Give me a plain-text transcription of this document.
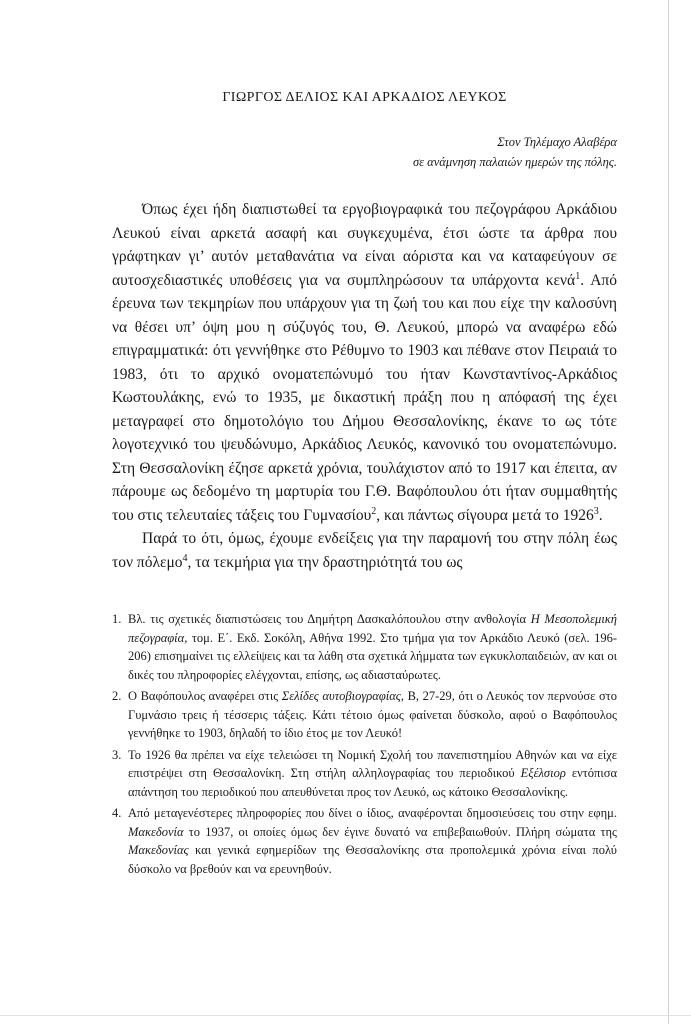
ΓΙΩΡΓΟΣ ΔΕΛΙΟΣ ΚΑΙ ΑΡΚΑΔΙΟΣ ΛΕΥΚΟΣ
Στον Τηλέμαχο Αλαβέρα
σε ανάμνηση παλαιών ημερών της πόλης.

Όπως έχει ήδη διαπιστωθεί τα εργοβιογραφικά του πεζογράφου Αρκάδιου Λευκού είναι αρκετά ασαφή και συγκεχυμένα, έτσι ώστε τα άρθρα που γράφτηκαν γι’ αυτόν μεταθανάτια να είναι αόριστα και να καταφεύγουν σε αυτοσχεδιαστικές υποθέσεις για να συμπληρώσουν τα υπάρχοντα κενά$^1$. Από έρευνα των τεκμηρίων που υπάρχουν για τη ζωή του και που είχε την καλοσύνη να θέσει υπ’ όψη μου η σύζυγός του, Θ. Λευκού, μπορώ να αναφέρω εδώ επιγραμματικά: ότι γεννήθηκε στο Ρέθυμνο το 1903 και πέθανε στον Πειραιά το 1983, ότι το αρχικό ονοματεπώνυμό του ήταν Κωνσταντίνος-Αρκάδιος Κωστουλάκης, ενώ το 1935, με δικαστική πράξη που η απόφασή της έχει μεταγραφεί στο δημοτολόγιο του Δήμου Θεσσαλονίκης, έκανε το ως τότε λογοτεχνικό του ψευδώνυμο, Αρκάδιος Λευκός, κανονικό του ονοματεπώνυμο. Στη Θεσσαλονίκη έζησε αρκετά χρόνια, τουλάχιστον από το 1917 και έπειτα, αν πάρουμε ως δεδομένο τη μαρτυρία του Γ.Θ. Βαφόπουλου ότι ήταν συμμαθητής του στις τελευταίες τάξεις του Γυμνασίου$^2$, και πάντως σίγουρα μετά το 1926$^3$.

Παρά το ότι, όμως, έχουμε ενδείξεις για την παραμονή του στην πόλη έως τον πόλεμο$^4$, τα τεκμήρια για την δραστηριότητά του ως

1. Βλ. τις σχετικές διαπιστώσεις του Δημήτρη Δασκαλόπουλου στην ανθολογία Η Μεσοπολεμική πεζογραφία, τομ. Ε΄. Εκδ. Σοκόλη, Αθήνα 1992. Στο τμήμα για τον Αρκάδιο Λευκό (σελ. 196-206) επισημαίνει τις ελλείψεις και τα λάθη στα σχετικά λήμματα των εγκυκλοπαιδειών, αν και οι δικές του πληροφορίες ελέγχονται, επίσης, ως αδιασταύρωτες.
2. Ο Βαφόπουλος αναφέρει στις Σελίδες αυτοβιογραφίας, Β, 27-29, ότι ο Λευκός τον περνούσε στο Γυμνάσιο τρεις ή τέσσερις τάξεις. Κάτι τέτοιο όμως φαίνεται δύσκολο, αφού ο Βαφόπουλος γεννήθηκε το 1903, δηλαδή το ίδιο έτος με τον Λευκό!
3. Το 1926 θα πρέπει να είχε τελειώσει τη Νομική Σχολή του πανεπιστημίου Αθηνών και να είχε επιστρέψει στη Θεσσαλονίκη. Στη στήλη αλληλογραφίας του περιοδικού Εξέλσιορ εντόπισα απάντηση του περιοδικού που απευθύνεται προς τον Λευκό, ως κάτοικο Θεσσαλονίκης.
4. Από μεταγενέστερες πληροφορίες που δίνει ο ίδιος, αναφέρονται δημοσιεύσεις του στην εφημ. Μακεδονία το 1937, οι οποίες όμως δεν έγινε δυνατό να επιβεβαιωθούν. Πλήρη σώματα της Μακεδονίας και γενικά εφημερίδων της Θεσσαλονίκης στα προπολεμικά χρόνια είναι πολύ δύσκολο να βρεθούν και να ερευνηθούν.
